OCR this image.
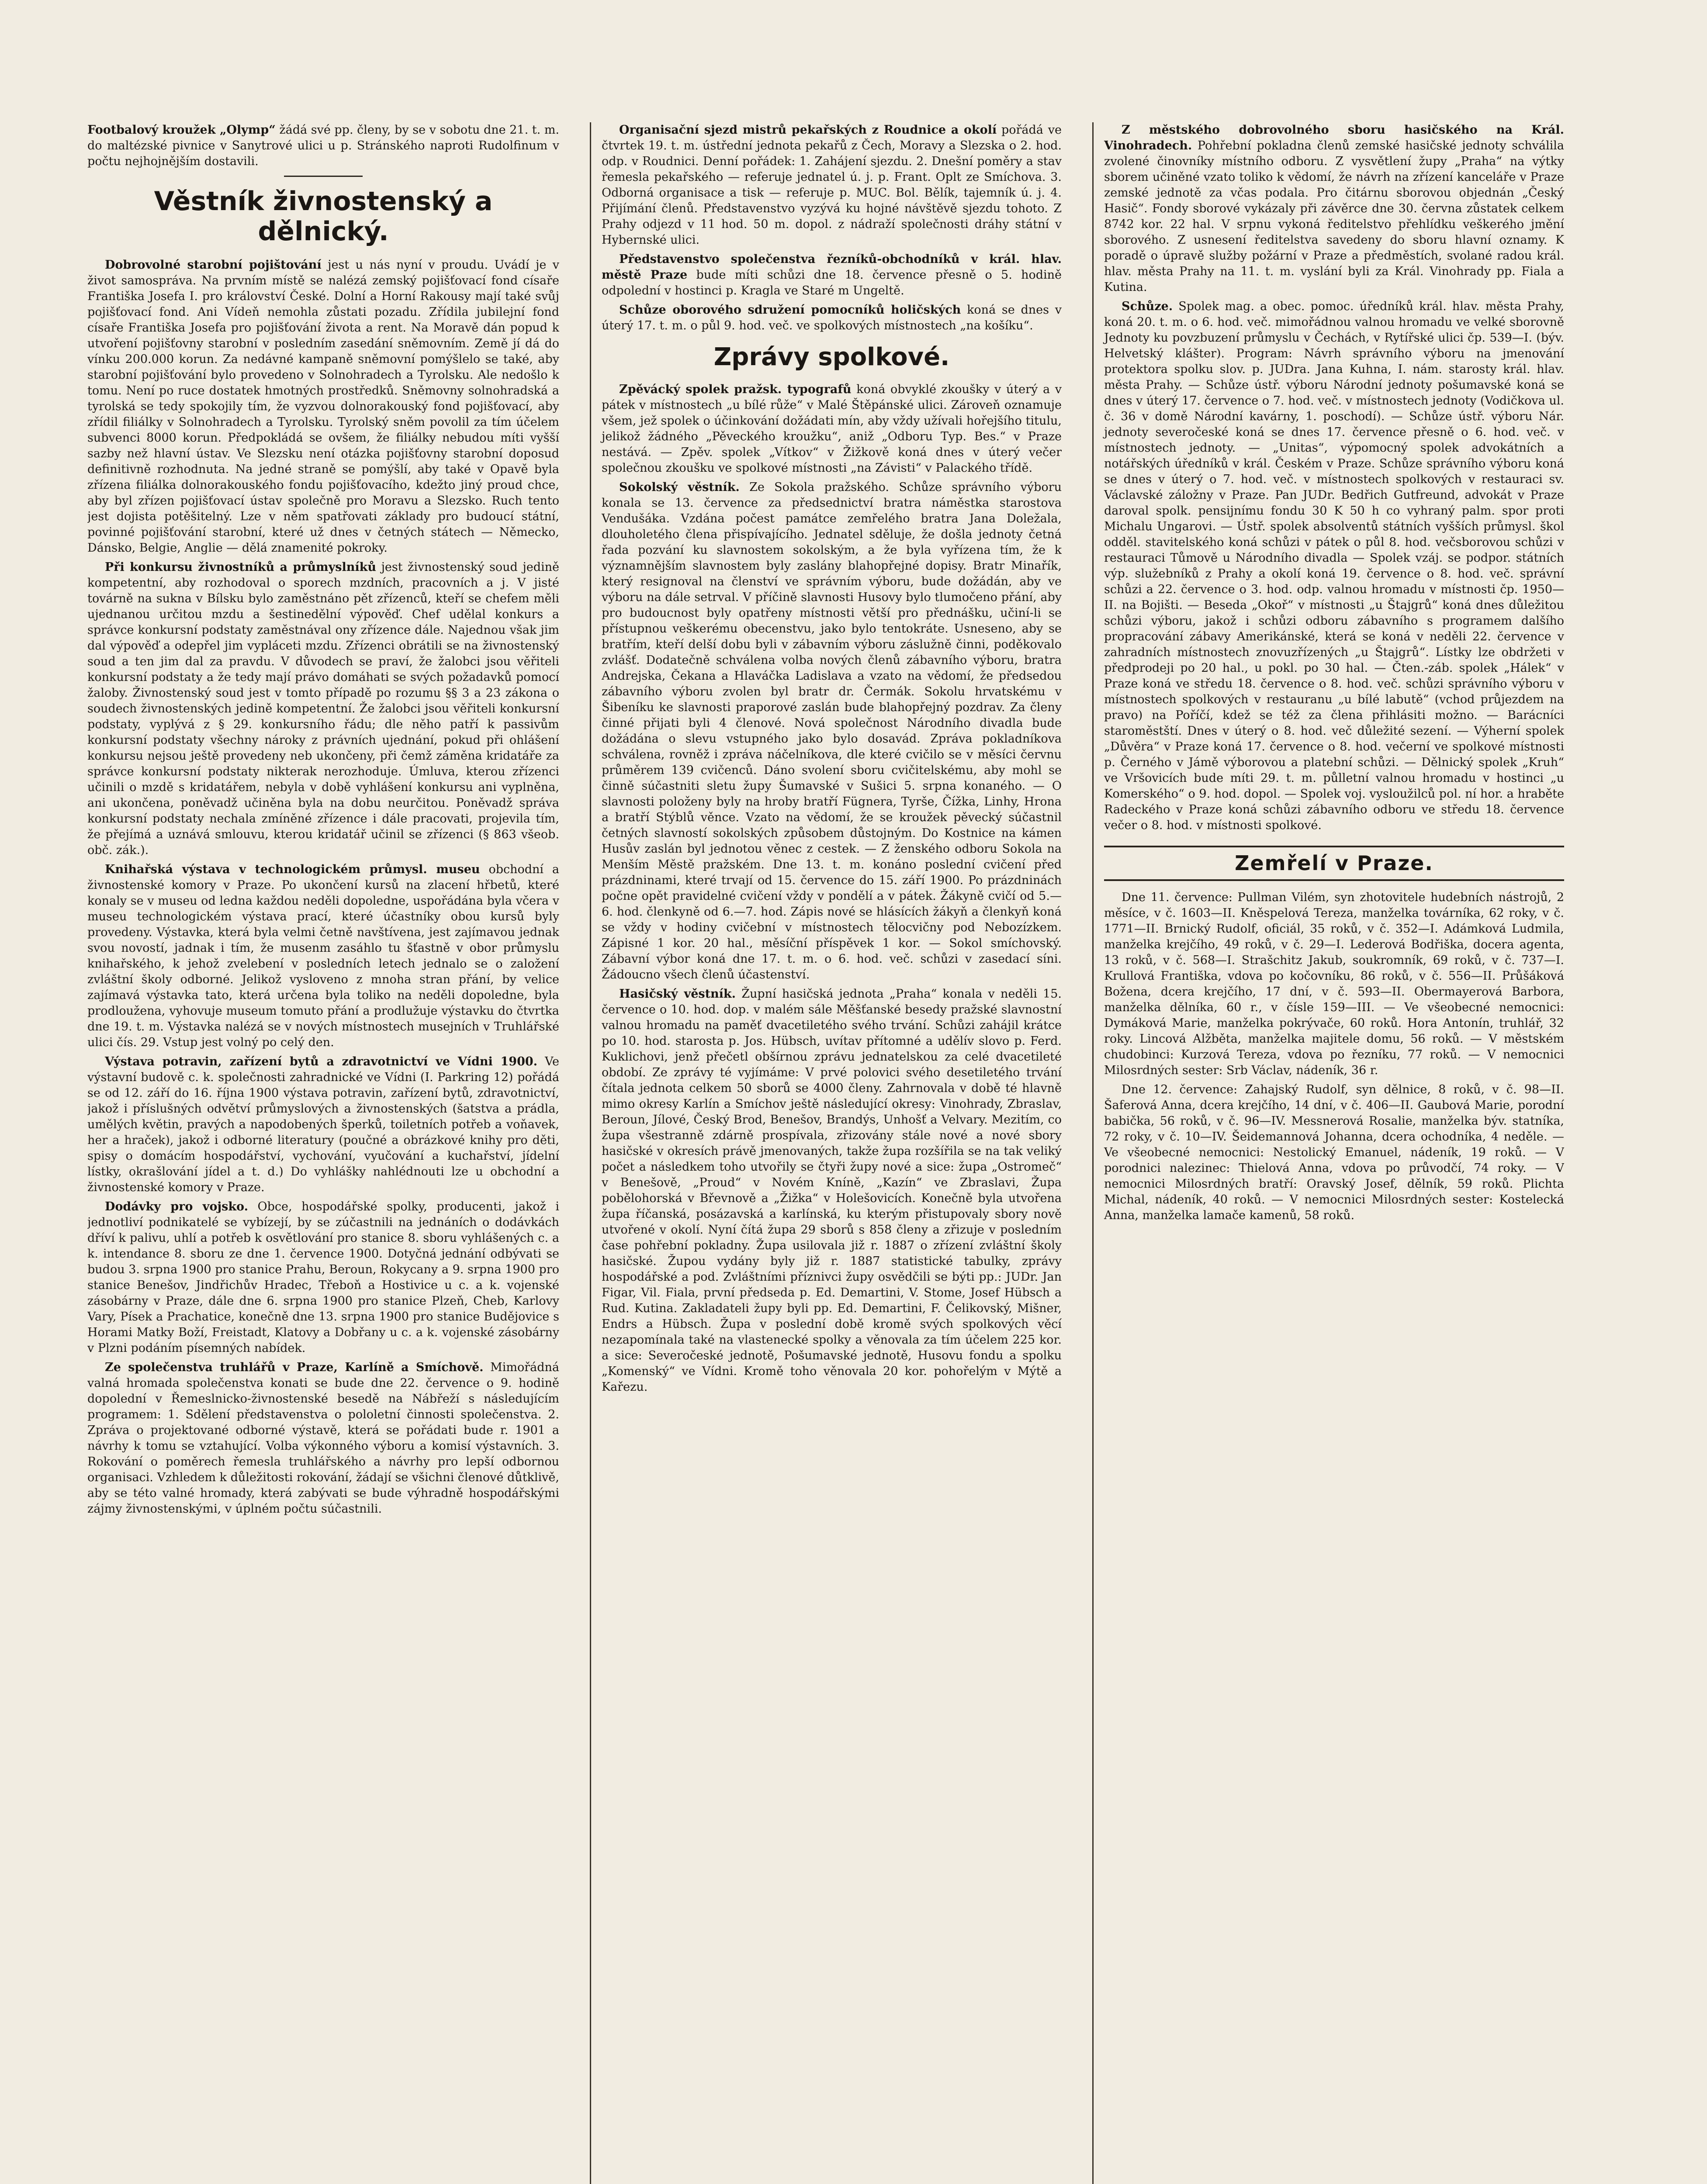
Footbalový kroužek „Olymp“ žádá své pp. členy, by se v sobotu dne 21. t. m. do maltézské pivnice v Sanytrové ulici u p. Stránského naproti Rudolfinum v počtu nejhojnějším dostavili.

Věstník živnostenský a dělnický.

Dobrovolné starobní pojištování jest u nás nyní v proudu. Uvádí je v život samospráva. Na prvním místě se nalézá zemský pojišťovací fond císaře Františka Josefa I. pro království České. Dolní a Horní Rakousy mají také svůj pojišťovací fond. Ani Vídeň nemohla zůstati pozadu. Zřídila jubilejní fond císaře Františka Josefa pro pojišťování života a rent. Na Moravě dán popud k utvoření pojišťovny starobní v posledním zasedání sněmovním. Země jí dá do vínku 200.000 korun. Za nedávné kampaně sněmovní pomýšlelo se také, aby starobní pojišťování bylo provedeno v Solnohradech a Tyrolsku. Ale nedošlo k tomu. Není po ruce dostatek hmotných prostředků. Sněmovny solnohradská a tyrolská se tedy spokojily tím, že vyzvou dolnorakouský fond pojišťovací, aby zřídil filiálky v Solnohradech a Tyrolsku. Tyrolský sněm povolil za tím účelem subvenci 8000 korun. Předpokládá se ovšem, že filiálky nebudou míti vyšší sazby než hlavní ústav. Ve Slezsku není otázka pojišťovny starobní doposud definitivně rozhodnuta. Na jedné straně se pomýšlí, aby také v Opavě byla zřízena filiálka dolnorakouského fondu pojišťovacího, kdežto jiný proud chce, aby byl zřízen pojišťovací ústav společně pro Moravu a Slezsko. Ruch tento jest dojista potěšitelný. Lze v něm spatřovati základy pro budoucí státní, povinné pojišťování starobní, které už dnes v četných státech — Německo, Dánsko, Belgie, Anglie — dělá znamenité pokroky.

Při konkursu živnostníků a průmyslníků jest živnostenský soud jedině kompetentní, aby rozhodoval o sporech mzdních, pracovních a j. V jisté továrně na sukna v Bílsku bylo zaměstnáno pět zřízenců, kteří se chefem měli ujednanou určitou mzdu a šestinedělní výpověď. Chef udělal konkurs a správce konkursní podstaty zaměstnával ony zřízence dále. Najednou však jim dal výpověď a odepřel jim vypláceti mzdu. Zřízenci obrátili se na živnostenský soud a ten jim dal za pravdu. V důvodech se praví, že žalobci jsou věřiteli konkursní podstaty a že tedy mají právo domáhati se svých požadavků pomocí žaloby. Živnostenský soud jest v tomto případě po rozumu §§ 3 a 23 zákona o soudech živnostenských jedině kompetentní. Že žalobci jsou věřiteli konkursní podstaty, vyplývá z § 29. konkursního řádu; dle něho patří k passivům konkursní podstaty všechny nároky z právních ujednání, pokud při ohlášení konkursu nejsou ještě provedeny neb ukončeny, při čemž záměna kridatáře za správce konkursní podstaty nikterak nerozhoduje. Úmluva, kterou zřízenci učinili o mzdě s kridatářem, nebyla v době vyhlášení konkursu ani vyplněna, ani ukončena, poněvadž učiněna byla na dobu neurčitou. Poněvadž správa konkursní podstaty nechala zmíněné zřízence i dále pracovati, projevila tím, že přejímá a uznává smlouvu, kterou kridatář učinil se zřízenci (§ 863 všeob. obč. zák.).

Knihařská výstava v technologickém průmysl. museu obchodní a živnostenské komory v Praze. Po ukončení kursů na zlacení hřbetů, které konaly se v museu od ledna každou neděli dopoledne, uspořádána byla včera v museu technologickém výstava prací, které účastníky obou kursů byly provedeny. Výstavka, která byla velmi četně navštívena, jest zajímavou jednak svou novostí, jadnak i tím, že musenm zasáhlo tu šťastně v obor průmyslu knihařského, k jehož zvelebení v posledních letech jednalo se o založení zvláštní školy odborné. Jelikož vysloveno z mnoha stran přání, by velice zajímavá výstavka tato, která určena byla toliko na neděli dopoledne, byla prodloužena, vyhovuje museum tomuto přání a prodlužuje výstavku do čtvrtka dne 19. t. m. Výstavka nalézá se v nových místnostech musejních v Truhlářské ulici čís. 29. Vstup jest volný po celý den.

Výstava potravin, zařízení bytů a zdravotnictví ve Vídni 1900. Ve výstavní budově c. k. společnosti zahradnické ve Vídni (I. Parkring 12) pořádá se od 12. září do 16. října 1900 výstava potravin, zařízení bytů, zdravotnictví, jakož i příslušných odvětví průmyslových a živnostenských (šatstva a prádla, umělých květin, pravých a napodobených šperků, toiletních potřeb a voňavek, her a hraček), jakož i odborné literatury (poučné a obrázkové knihy pro děti, spisy o domácím hospodářství, vychování, vyučování a kuchařství, jídelní lístky, okrašlování jídel a t. d.) Do vyhlášky nahlédnouti lze u obchodní a živnostenské komory v Praze.

Dodávky pro vojsko. Obce, hospodářské spolky, producenti, jakož i jednotliví podnikatelé se vybízejí, by se zúčastnili na jednáních o dodávkách dříví k palivu, uhlí a potřeb k osvětlování pro stanice 8. sboru vyhlášených c. a k. intendance 8. sboru ze dne 1. července 1900. Dotyčná jednání odbývati se budou 3. srpna 1900 pro stanice Prahu, Beroun, Rokycany a 9. srpna 1900 pro stanice Benešov, Jindřichův Hradec, Třeboň a Hostivice u c. a k. vojenské zásobárny v Praze, dále dne 6. srpna 1900 pro stanice Plzeň, Cheb, Karlovy Vary, Písek a Prachatice, konečně dne 13. srpna 1900 pro stanice Budějovice s Horami Matky Boží, Freistadt, Klatovy a Dobřany u c. a k. vojenské zásobárny v Plzni podáním písemných nabídek.

Ze společenstva truhlářů v Praze, Karlíně a Smíchově. Mimořádná valná hromada společenstva konati se bude dne 22. července o 9. hodině dopolední v Řemeslnicko-živnostenské besedě na Nábřeží s následujícím programem: 1. Sdělení představenstva o pololetní činnosti společenstva. 2. Zpráva o projektované odborné výstavě, která se pořádati bude r. 1901 a návrhy k tomu se vztahující. Volba výkonného výboru a komisí výstavních. 3. Rokování o poměrech řemesla truhlářského a návrhy pro lepší odbornou organisaci. Vzhledem k důležitosti rokování, žádají se všichni členové důtklivě, aby se této valné hromady, která zabývati se bude výhradně hospodářskými zájmy živnostenskými, v úplném počtu súčastnili.

Organisační sjezd mistrů pekařských z Roudnice a okolí pořádá ve čtvrtek 19. t. m. ústřední jednota pekařů z Čech, Moravy a Slezska o 2. hod. odp. v Roudnici. Denní pořádek: 1. Zahájení sjezdu. 2. Dnešní poměry a stav řemesla pekařského — referuje jednatel ú. j. p. Frant. Oplt ze Smíchova. 3. Odborná organisace a tisk — referuje p. MUC. Bol. Bělík, tajemník ú. j. 4. Přijímání členů. Představenstvo vyzývá ku hojné návštěvě sjezdu tohoto. Z Prahy odjezd v 11 hod. 50 m. dopol. z nádraží společnosti dráhy státní v Hybernské ulici.

Představenstvo společenstva řezníků-obchodníků v král. hlav. městě Praze bude míti schůzi dne 18. července přesně o 5. hodině odpolední v hostinci p. Kragla ve Staré m Ungeltě.

Schůze oborového sdružení pomocníků holičských koná se dnes v úterý 17. t. m. o půl 9. hod. več. ve spolkových místnostech „na košíku“.

Zprávy spolkové.

Zpěvácký spolek pražsk. typografů koná obvyklé zkoušky v úterý a v pátek v místnostech „u bílé růže“ v Malé Štěpánské ulici. Zároveň oznamuje všem, jež spolek o účinkování dožádati mín, aby vždy užívali hořejšího titulu, jelikož žádného „Pěveckého kroužku“, aniž „Odboru Typ. Bes.“ v Praze nestává. — Zpěv. spolek „Vítkov“ v Žižkově koná dnes v úterý večer společnou zkoušku ve spolkové místnosti „na Závisti“ v Palackého třídě.

Sokolský věstník. Ze Sokola pražského. Schůze správního výboru konala se 13. července za předsednictví bratra náměstka starostova Vendušáka. Vzdána počest památce zemřelého bratra Jana Doležala, dlouholetého člena přispívajícího. Jednatel sděluje, že došla jednoty četná řada pozvání ku slavnostem sokolským, a že byla vyřízena tím, že k významnějším slavnostem byly zaslány blahopřejné dopisy. Bratr Minařík, který resignoval na členství ve správním výboru, bude dožádán, aby ve výboru na dále setrval. V příčině slavnosti Husovy bylo tlumočeno přání, aby pro budoucnost byly opatřeny místnosti větší pro přednášku, učiní-li se přístupnou veškerému obecenstvu, jako bylo tentokráte. Usneseno, aby se bratřím, kteří delší dobu byli v zábavním výboru záslužně činni, poděkovalo zvlášť. Dodatečně schválena volba nových členů zábavního výboru, bratra Andrejska, Čekana a Hlaváčka Ladislava a vzato na vědomí, že předsedou zábavního výboru zvolen byl bratr dr. Čermák. Sokolu hrvatskému v Šibeníku ke slavnosti praporové zaslán bude blahopřejný pozdrav. Za členy činné přijati byli 4 členové. Nová společnost Národního divadla bude dožádána o slevu vstupného jako bylo dosavád. Zpráva pokladníkova schválena, rovněž i zpráva náčelníkova, dle které cvičilo se v měsíci červnu průměrem 139 cvičenců. Dáno svolení sboru cvičitelskému, aby mohl se činně súčastniti sletu župy Šumavské v Sušici 5. srpna konaného. — O slavnosti položeny byly na hroby bratří Fügnera, Tyrše, Čížka, Linhy, Hrona a bratří Stýblů věnce. Vzato na vědomí, že se kroužek pěvecký súčastnil četných slavností sokolských způsobem důstojným. Do Kostnice na kámen Husův zaslán byl jednotou věnec z cestek. — Z ženského odboru Sokola na Menším Městě pražském. Dne 13. t. m. konáno poslední cvičení před prázdninami, které trvají od 15. července do 15. září 1900. Po prázdninách počne opět pravidelné cvičení vždy v pondělí a v pátek. Žákyně cvičí od 5.—6. hod. členkyně od 6.—7. hod. Zápis nové se hlásících žákyň a členkyň koná se vždy v hodiny cvičební v místnostech tělocvičny pod Nebozízkem. Zápisné 1 kor. 20 hal., měsíční příspěvek 1 kor. — Sokol smíchovský. Zábavní výbor koná dne 17. t. m. o 6. hod. več. schůzi v zasedací síni. Žádoucno všech členů účastenství.

Hasičský věstník. Župní hasičská jednota „Praha“ konala v neděli 15. července o 10. hod. dop. v malém sále Měšťanské besedy pražské slavnostní valnou hromadu na paměť dvacetiletého svého trvání. Schůzi zahájil krátce po 10. hod. starosta p. Jos. Hübsch, uvítav přítomné a udělív slovo p. Ferd. Kuklichovi, jenž přečetl obšírnou zprávu jednatelskou za celé dvacetileté období. Ze zprávy té vyjímáme: V prvé polovici svého desetiletého trvání čítala jednota celkem 50 sborů se 4000 členy. Zahrnovala v době té hlavně mimo okresy Karlín a Smíchov ještě následující okresy: Vinohrady, Zbraslav, Beroun, Jílové, Český Brod, Benešov, Brandýs, Unhošť a Velvary. Mezitím, co župa všestranně zdárně prospívala, zřizovány stále nové a nové sbory hasičské v okresích právě jmenovaných, takže župa rozšířila se na tak veliký počet a následkem toho utvořily se čtyři župy nové a sice: župa „Ostromeč“ v Benešově, „Proud“ v Novém Kníně, „Kazín“ ve Zbraslavi, Župa pobělohorská v Břevnově a „Žižka“ v Holešovicích. Konečně byla utvořena župa říčanská, posázavská a karlínská, ku kterým přistupovaly sbory nově utvořené v okolí. Nyní čítá župa 29 sborů s 858 členy a zřizuje v posledním čase pohřební pokladny. Župa usilovala již r. 1887 o zřízení zvláštní školy hasičské. Župou vydány byly již r. 1887 statistické tabulky, zprávy hospodářské a pod. Zvláštními příznivci župy osvědčili se býti pp.: JUDr. Jan Figar, Vil. Fiala, první předseda p. Ed. Demartini, V. Stome, Josef Hübsch a Rud. Kutina. Zakladateli župy byli pp. Ed. Demartini, F. Čelikovský, Mišner, Endrs a Hübsch. Župa v poslední době kromě svých spolkových věcí nezapomínala také na vlastenecké spolky a věnovala za tím účelem 225 kor. a sice: Severočeské jednotě, Pošumavské jednotě, Husovu fondu a spolku „Komenský“ ve Vídni. Kromě toho věnovala 20 kor. pohořelým v Mýtě a Kařezu.

Z městského dobrovolného sboru hasičského na Král. Vinohradech. Pohřební pokladna členů zemské hasičské jednoty schválila zvolené činovníky místního odboru. Z vysvětlení župy „Praha“ na výtky sborem učiněné vzato toliko k vědomí, že návrh na zřízení kanceláře v Praze zemské jednotě za včas podala. Pro čitárnu sborovou objednán „Český Hasič“. Fondy sborové vykázaly při závěrce dne 30. června zůstatek celkem 8742 kor. 22 hal. V srpnu vykoná ředitelstvo přehlídku veškerého jmění sborového. Z usnesení ředitelstva savedeny do sboru hlavní oznamy. K poradě o úpravě služby požární v Praze a předměstích, svolané radou král. hlav. města Prahy na 11. t. m. vyslání byli za Král. Vinohrady pp. Fiala a Kutina.

Schůze. Spolek mag. a obec. pomoc. úředníků král. hlav. města Prahy, koná 20. t. m. o 6. hod. več. mimořádnou valnou hromadu ve velké sborovně Jednoty ku povzbuzení průmyslu v Čechách, v Rytířské ulici čp. 539—I. (býv. Helvetský klášter). Program: Návrh správního výboru na jmenování protektora spolku slov. p. JUDra. Jana Kuhna, I. nám. starosty král. hlav. města Prahy. — Schůze ústř. výboru Národní jednoty pošumavské koná se dnes v úterý 17. července o 7. hod. več. v místnostech jednoty (Vodičkova ul. č. 36 v domě Národní kavárny, 1. poschodí). — Schůze ústř. výboru Nár. jednoty severočeské koná se dnes 17. července přesně o 6. hod. več. v místnostech jednoty. — „Unitas“, výpomocný spolek advokátních a notářských úředníků v král. Českém v Praze. Schůze správního výboru koná se dnes v úterý o 7. hod. več. v místnostech spolkových v restauraci sv. Václavské záložny v Praze. Pan JUDr. Bedřich Gutfreund, advokát v Praze daroval spolk. pensijnímu fondu 30 K 50 h co vyhraný palm. spor proti Michalu Ungarovi. — Ústř. spolek absolventů státních vyšších průmysl. škol odděl. stavitelského koná schůzi v pátek o půl 8. hod. večsborovou schůzi v restauraci Tůmově u Národního divadla — Spolek vzáj. se podpor. státních výp. služebníků z Prahy a okolí koná 19. července o 8. hod. več. správní schůzi a 22. července o 3. hod. odp. valnou hromadu v místnosti čp. 1950—II. na Bojišti. — Beseda „Okoř“ v místnosti „u Štajgrů“ koná dnes důležitou schůzi výboru, jakož i schůzi odboru zábavního s programem dalšího propracování zábavy Amerikánské, která se koná v neděli 22. července v zahradních místnostech znovuzřízených „u Štajgrů“. Lístky lze obdržeti v předprodeji po 20 hal., u pokl. po 30 hal. — Čten.-záb. spolek „Hálek“ v Praze koná ve středu 18. července o 8. hod. več. schůzi správního výboru v místnostech spolkových v restauranu „u bílé labutě“ (vchod průjezdem na pravo) na Poříčí, kdež se též za člena přihlásiti možno. — Barácníci staroměstští. Dnes v úterý o 8. hod. več důležité sezení. — Výherní spolek „Důvěra“ v Praze koná 17. července o 8. hod. večerní ve spolkové místnosti p. Černého v Jámě výborovou a platební schůzi. — Dělnický spolek „Kruh“ ve Vršovicích bude míti 29. t. m. půlletní valnou hromadu v hostinci „u Komerského“ o 9. hod. dopol. — Spolek voj. vysloužilců pol. ní hor. a hraběte Radeckého v Praze koná schůzi zábavního odboru ve středu 18. července večer o 8. hod. v místnosti spolkové.

Zemřelí v Praze.

Dne 11. července: Pullman Vilém, syn zhotovitele hudebních nástrojů, 2 měsíce, v č. 1603—II. Kněspelová Tereza, manželka továrníka, 62 roky, v č. 1771—II. Brnický Rudolf, oficiál, 35 roků, v č. 352—I. Adámková Ludmila, manželka krejčího, 49 roků, v č. 29—I. Lederová Bodřiška, docera agenta, 13 roků, v č. 568—I. Strašchitz Jakub, soukromník, 69 roků, v č. 737—I. Krullová Františka, vdova po kočovníku, 86 roků, v č. 556—II. Průšáková Božena, dcera krejčího, 17 dní, v č. 593—II. Obermayerová Barbora, manželka dělníka, 60 r., v čísle 159—III. — Ve všeobecné nemocnici: Dymáková Marie, manželka pokrývače, 60 roků. Hora Antonín, truhlář, 32 roky. Lincová Alžběta, manželka majitele domu, 56 roků. — V městském chudobinci: Kurzová Tereza, vdova po řezníku, 77 roků. — V nemocnici Milosrdných sester: Srb Václav, nádeník, 36 r.

Dne 12. července: Zahajský Rudolf, syn dělnice, 8 roků, v č. 98—II. Šaferová Anna, dcera krejčího, 14 dní, v č. 406—II. Gaubová Marie, porodní babička, 56 roků, v č. 96—IV. Messnerová Rosalie, manželka býv. statníka, 72 roky, v č. 10—IV. Šeidemannová Johanna, dcera ochodníka, 4 neděle. — Ve všeobecné nemocnici: Nestolický Emanuel, nádeník, 19 roků. — V porodnici nalezinec: Thielová Anna, vdova po průvodčí, 74 roky. — V nemocnici Milosrdných bratří: Oravský Josef, dělník, 59 roků. Plichta Michal, nádeník, 40 roků. — V nemocnici Milosrdných sester: Kostelecká Anna, manželka lamače kamenů, 58 roků.
